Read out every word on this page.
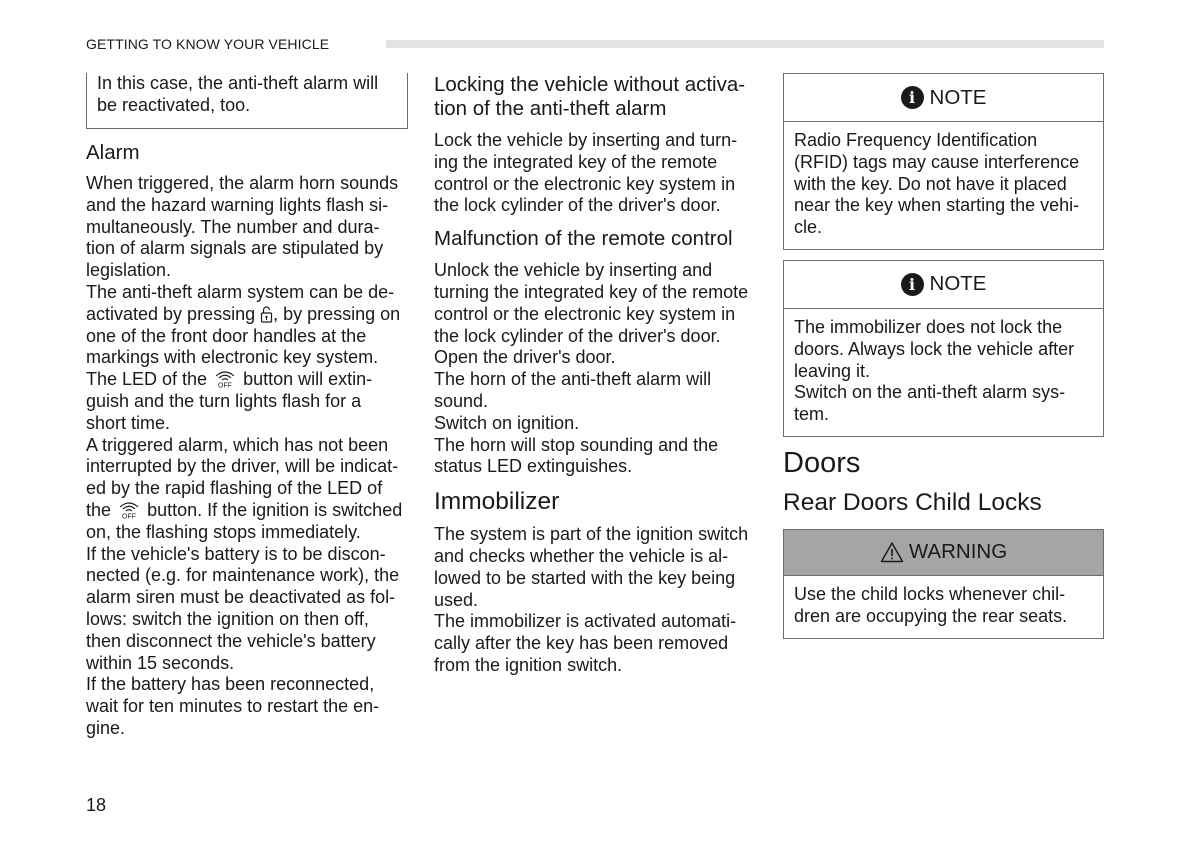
GETTING TO KNOW YOUR VEHICLE
In this case, the anti-theft alarm will
be reactivated, too.
Alarm
When triggered, the alarm horn sounds
and the hazard warning lights flash si-
multaneously. The number and dura-
tion of alarm signals are stipulated by
legislation.
The anti-theft alarm system can be de-
activated by pressing , by pressing on
one of the front door handles at the
markings with electronic key system.
The LED of the OFF button will extin-
guish and the turn lights flash for a
short time.
A triggered alarm, which has not been
interrupted by the driver, will be indicat-
ed by the rapid flashing of the LED of
the OFF button. If the ignition is switched
on, the flashing stops immediately.
If the vehicle's battery is to be discon-
nected (e.g. for maintenance work), the
alarm siren must be deactivated as fol-
lows: switch the ignition on then off,
then disconnect the vehicle's battery
within 15 seconds.
If the battery has been reconnected,
wait for ten minutes to restart the en-
gine.
Locking the vehicle without activa-
tion of the anti-theft alarm
Lock the vehicle by inserting and turn-
ing the integrated key of the remote
control or the electronic key system in
the lock cylinder of the driver's door.
Malfunction of the remote control
Unlock the vehicle by inserting and
turning the integrated key of the remote
control or the electronic key system in
the lock cylinder of the driver's door.
Open the driver's door.
The horn of the anti-theft alarm will
sound.
Switch on ignition.
The horn will stop sounding and the
status LED extinguishes.
Immobilizer
The system is part of the ignition switch
and checks whether the vehicle is al-
lowed to be started with the key being
used.
The immobilizer is activated automati-
cally after the key has been removed
from the ignition switch.
i NOTE
Radio Frequency Identification
(RFID) tags may cause interference
with the key. Do not have it placed
near the key when starting the vehi-
cle.
i NOTE
The immobilizer does not lock the
doors. Always lock the vehicle after
leaving it.
Switch on the anti-theft alarm sys-
tem.
Doors
Rear Doors Child Locks
WARNING
Use the child locks whenever chil-
dren are occupying the rear seats.
18
